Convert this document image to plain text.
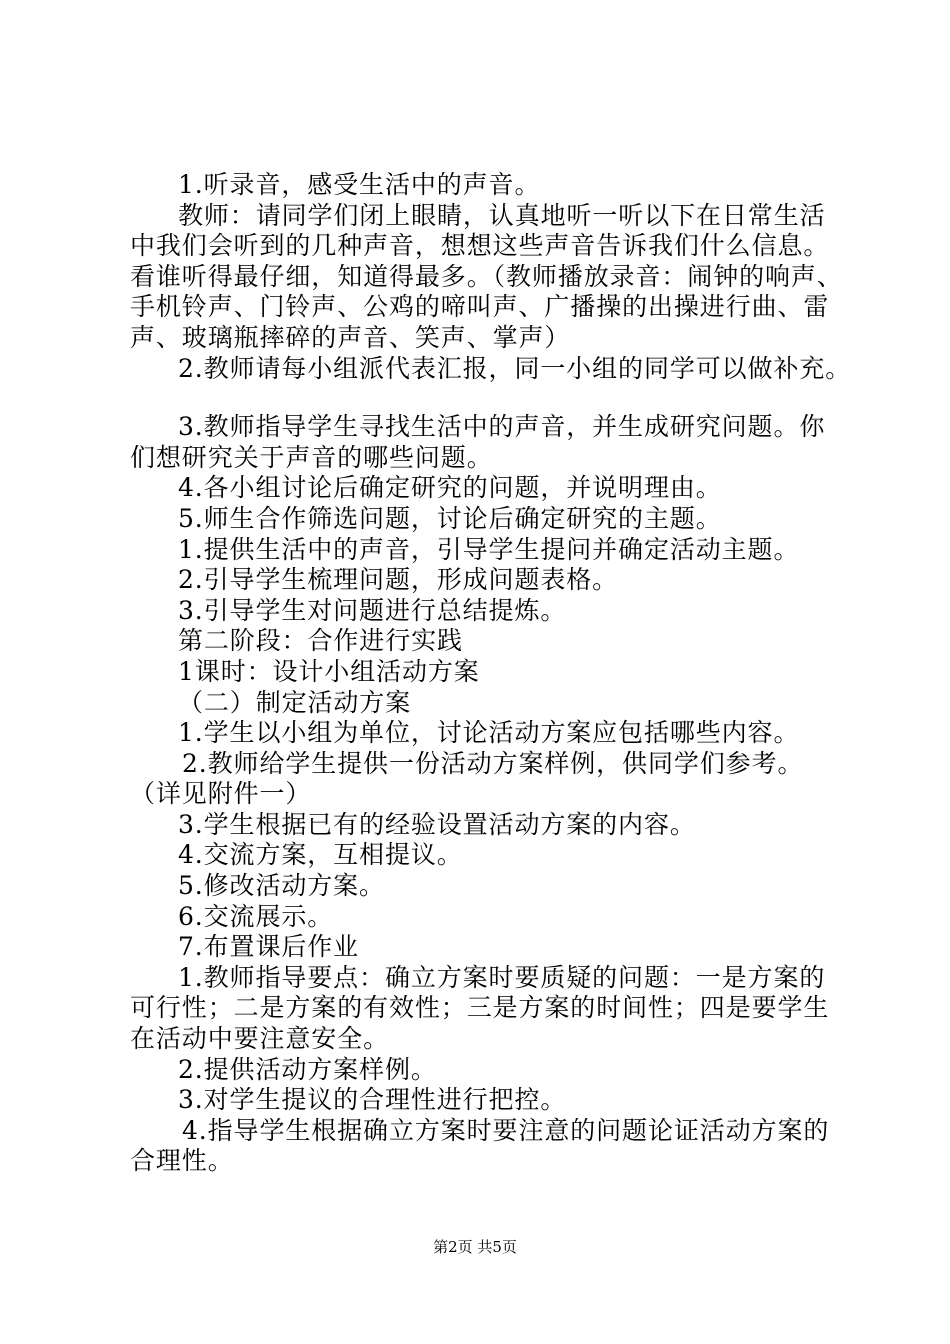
1.听录音，感受生活中的声音。

教师：请同学们闭上眼睛，认真地听一听以下在日常生活

中我们会听到的几种声音，想想这些声音告诉我们什么信息。

看谁听得最仔细，知道得最多。（教师播放录音：闹钟的响声、

手机铃声、门铃声、公鸡的啼叫声、广播操的出操进行曲、雷

声、玻璃瓶摔碎的声音、笑声、掌声）

2.教师请每小组派代表汇报，同一小组的同学可以做补充。

3.教师指导学生寻找生活中的声音，并生成研究问题。你

们想研究关于声音的哪些问题。

4.各小组讨论后确定研究的问题，并说明理由。

5.师生合作筛选问题，讨论后确定研究的主题。

1.提供生活中的声音，引导学生提问并确定活动主题。

2.引导学生梳理问题，形成问题表格。

3.引导学生对问题进行总结提炼。

第二阶段：合作进行实践

1课时：设计小组活动方案

（二）制定活动方案

1.学生以小组为单位，讨论活动方案应包括哪些内容。

2.教师给学生提供一份活动方案样例，供同学们参考。

（详见附件一）

3.学生根据已有的经验设置活动方案的内容。

4.交流方案，互相提议。

5.修改活动方案。

6.交流展示。

7.布置课后作业

1.教师指导要点：确立方案时要质疑的问题：一是方案的

可行性；二是方案的有效性；三是方案的时间性；四是要学生

在活动中要注意安全。

2.提供活动方案样例。

3.对学生提议的合理性进行把控。

4.指导学生根据确立方案时要注意的问题论证活动方案的

合理性。

第2页 共5页
